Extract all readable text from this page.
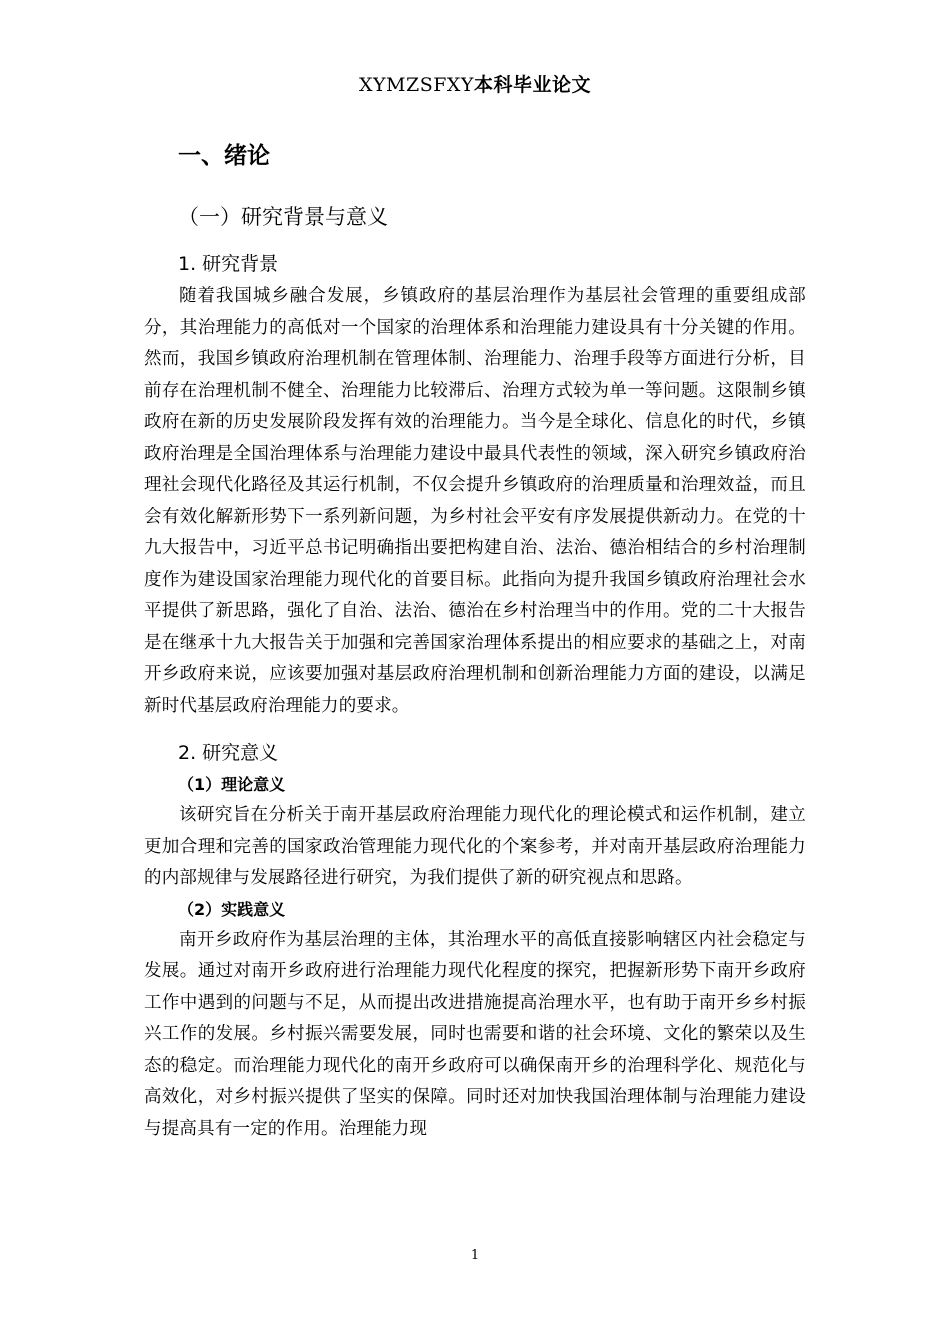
XYMZSFXY本科毕业论文
一、绪论
（一）研究背景与意义
1. 研究背景

随着我国城乡融合发展，乡镇政府的基层治理作为基层社会管理的重要组成部分，其治理能力的高低对一个国家的治理体系和治理能力建设具有十分关键的作用。然而，我国乡镇政府治理机制在管理体制、治理能力、治理手段等方面进行分析，目前存在治理机制不健全、治理能力比较滞后、治理方式较为单一等问题。这限制乡镇政府在新的历史发展阶段发挥有效的治理能力。当今是全球化、信息化的时代，乡镇政府治理是全国治理体系与治理能力建设中最具代表性的领域，深入研究乡镇政府治理社会现代化路径及其运行机制，不仅会提升乡镇政府的治理质量和治理效益，而且会有效化解新形势下一系列新问题，为乡村社会平安有序发展提供新动力。在党的十九大报告中，习近平总书记明确指出要把构建自治、法治、德治相结合的乡村治理制度作为建设国家治理能力现代化的首要目标。此指向为提升我国乡镇政府治理社会水平提供了新思路，强化了自治、法治、德治在乡村治理当中的作用。党的二十大报告是在继承十九大报告关于加强和完善国家治理体系提出的相应要求的基础之上，对南开乡政府来说，应该要加强对基层政府治理机制和创新治理能力方面的建设，以满足新时代基层政府治理能力的要求。

2. 研究意义
（1）理论意义

该研究旨在分析关于南开基层政府治理能力现代化的理论模式和运作机制，建立更加合理和完善的国家政治管理能力现代化的个案参考，并对南开基层政府治理能力的内部规律与发展路径进行研究，为我们提供了新的研究视点和思路。

（2）实践意义

南开乡政府作为基层治理的主体，其治理水平的高低直接影响辖区内社会稳定与发展。通过对南开乡政府进行治理能力现代化程度的探究，把握新形势下南开乡政府工作中遇到的问题与不足，从而提出改进措施提高治理水平，也有助于南开乡乡村振兴工作的发展。乡村振兴需要发展，同时也需要和谐的社会环境、文化的繁荣以及生态的稳定。而治理能力现代化的南开乡政府可以确保南开乡的治理科学化、规范化与高效化，对乡村振兴提供了坚实的保障。同时还对加快我国治理体制与治理能力建设与提高具有一定的作用。治理能力现

1
